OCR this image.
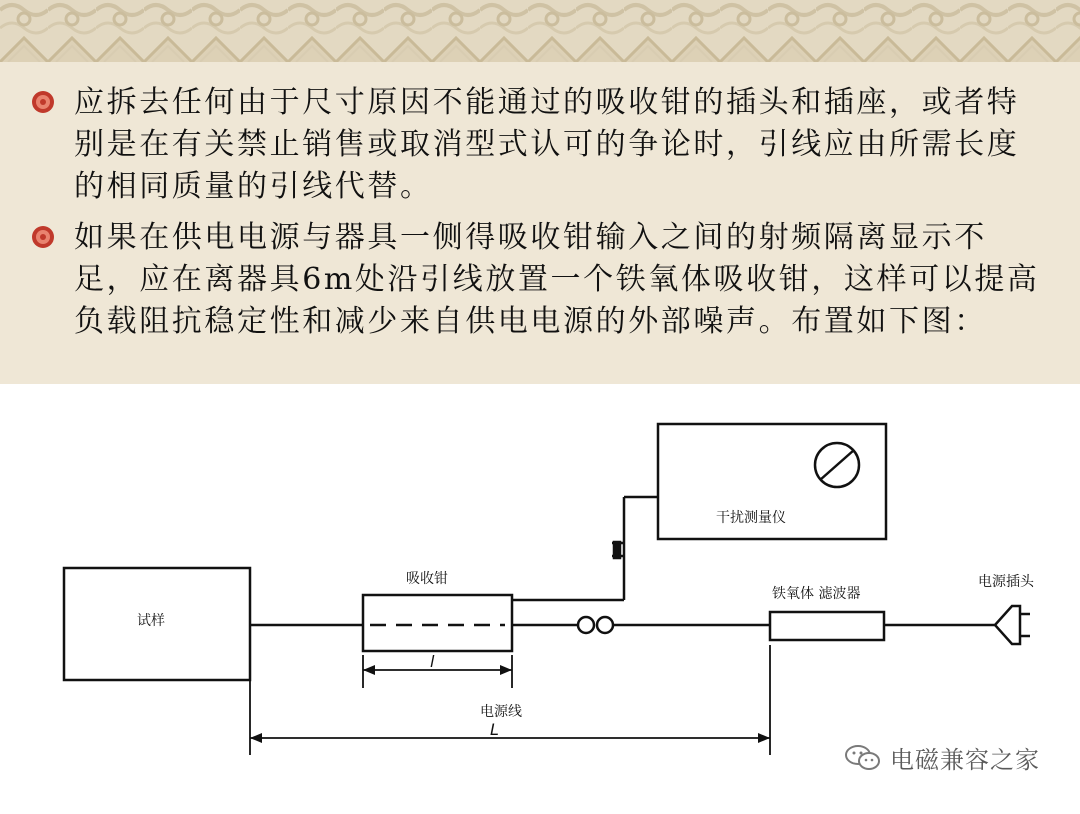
应拆去任何由于尺寸原因不能通过的吸收钳的插头和插座，或者特别是在有关禁止销售或取消型式认可的争论时，引线应由所需长度的相同质量的引线代替。

如果在供电电源与器具一侧得吸收钳输入之间的射频隔离显示不足，应在离器具6m处沿引线放置一个铁氧体吸收钳，这样可以提高负载阻抗稳定性和减少来自供电电源的外部噪声。布置如下图：

试样
吸收钳
干扰测量仪
铁氧体 滤波器
电源插头
电源线
l
L
电磁兼容之家
